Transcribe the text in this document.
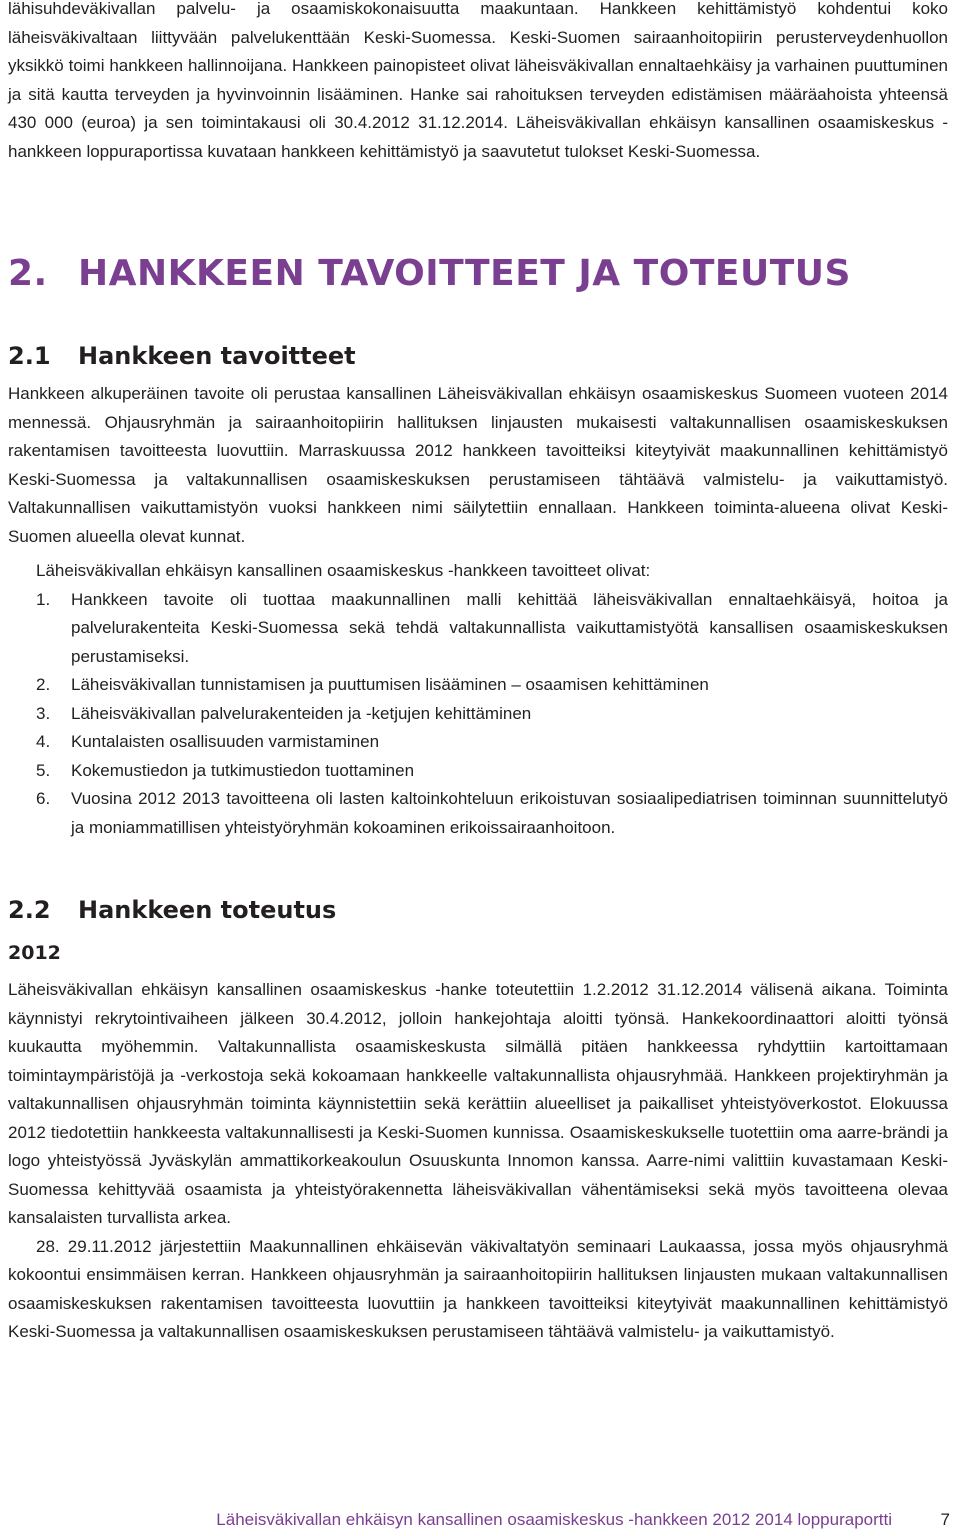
lähisuhdeväkivallan palvelu- ja osaamiskokonaisuutta maakuntaan. Hankkeen kehittämistyö kohdentui koko läheisväkivaltaan liittyvään palvelukenttään Keski-Suomessa. Keski-Suomen sairaanhoitopiirin perusterveydenhuollon yksikkö toimi hankkeen hallinnoijana. Hankkeen painopisteet olivat läheisväkivallan ennaltaehkäisy ja varhainen puuttuminen ja sitä kautta terveyden ja hyvinvoinnin lisääminen. Hanke sai rahoituksen terveyden edistämisen määräahoista yhteensä 430 000 (euroa) ja sen toimintakausi oli 30.4.2012 31.12.2014. Läheisväkivallan ehkäisyn kansallinen osaamiskeskus -hankkeen loppuraportissa kuvataan hankkeen kehittämistyö ja saavutetut tulokset Keski-Suomessa.

2. HANKKEEN TAVOITTEET JA TOTEUTUS
2.1	Hankkeen tavoitteet

Hankkeen alkuperäinen tavoite oli perustaa kansallinen Läheisväkivallan ehkäisyn osaamiskeskus Suomeen vuoteen 2014 mennessä. Ohjausryhmän ja sairaanhoitopiirin hallituksen linjausten mukaisesti valtakunnallisen osaamiskeskuksen rakentamisen tavoitteesta luovuttiin. Marraskuussa 2012 hankkeen tavoitteiksi kiteytyivät maakunnallinen kehittämistyö Keski-Suomessa ja valtakunnallisen osaamiskeskuksen perustamiseen tähtäävä valmistelu- ja vaikuttamistyö. Valtakunnallisen vaikuttamistyön vuoksi hankkeen nimi säilytettiin ennallaan. Hankkeen toiminta-alueena olivat Keski-Suomen alueella olevat kunnat.

Läheisväkivallan ehkäisyn kansallinen osaamiskeskus -hankkeen tavoitteet olivat:

1.	Hankkeen tavoite oli tuottaa maakunnallinen malli kehittää läheisväkivallan ennaltaehkäisyä, hoitoa ja palvelurakenteita Keski-Suomessa sekä tehdä valtakunnallista vaikuttamistyötä kansallisen osaamiskeskuksen perustamiseksi.
2.	Läheisväkivallan tunnistamisen ja puuttumisen lisääminen – osaamisen kehittäminen
3.	Läheisväkivallan palvelurakenteiden ja -ketjujen kehittäminen
4.	Kuntalaisten osallisuuden varmistaminen
5.	Kokemustiedon ja tutkimustiedon tuottaminen
6.	Vuosina 2012 2013 tavoitteena oli lasten kaltoinkohteluun erikoistuvan sosiaalipediatrisen toiminnan suunnittelutyö ja moniammatillisen yhteistyöryhmän kokoaminen erikoissairaanhoitoon.
2.2	Hankkeen toteutus
2012

Läheisväkivallan ehkäisyn kansallinen osaamiskeskus -hanke toteutettiin 1.2.2012 31.12.2014 välisenä aikana. Toiminta käynnistyi rekrytointivaiheen jälkeen 30.4.2012, jolloin hankejohtaja aloitti työnsä. Hankekoordinaattori aloitti työnsä kuukautta myöhemmin. Valtakunnallista osaamiskeskusta silmällä pitäen hankkeessa ryhdyttiin kartoittamaan toimintaympäristöjä ja -verkostoja sekä kokoamaan hankkeelle valtakunnallista ohjausryhmää. Hankkeen projektiryhmän ja valtakunnallisen ohjausryhmän toiminta käynnistettiin sekä kerättiin alueelliset ja paikalliset yhteistyöverkostot. Elokuussa 2012 tiedotettiin hankkeesta valtakunnallisesti ja Keski-Suomen kunnissa. Osaamiskeskukselle tuotettiin oma aarre-brändi ja logo yhteistyössä Jyväskylän ammattikorkeakoulun Osuuskunta Innomon kanssa. Aarre-nimi valittiin kuvastamaan Keski-Suomessa kehittyvää osaamista ja yhteistyörakennetta läheisväkivallan vähentämiseksi sekä myös tavoitteena olevaa kansalaisten turvallista arkea.

28. 29.11.2012 järjestettiin Maakunnallinen ehkäisevän väkivaltatyön seminaari Laukaassa, jossa myös ohjausryhmä kokoontui ensimmäisen kerran. Hankkeen ohjausryhmän ja sairaanhoitopiirin hallituksen linjausten mukaan valtakunnallisen osaamiskeskuksen rakentamisen tavoitteesta luovuttiin ja hankkeen tavoitteiksi kiteytyivät maakunnallinen kehittämistyö Keski-Suomessa ja valtakunnallisen osaamiskeskuksen perustamiseen tähtäävä valmistelu- ja vaikuttamistyö.

Läheisväkivallan ehkäisyn kansallinen osaamiskeskus -hankkeen 2012 2014 loppuraportti	7
